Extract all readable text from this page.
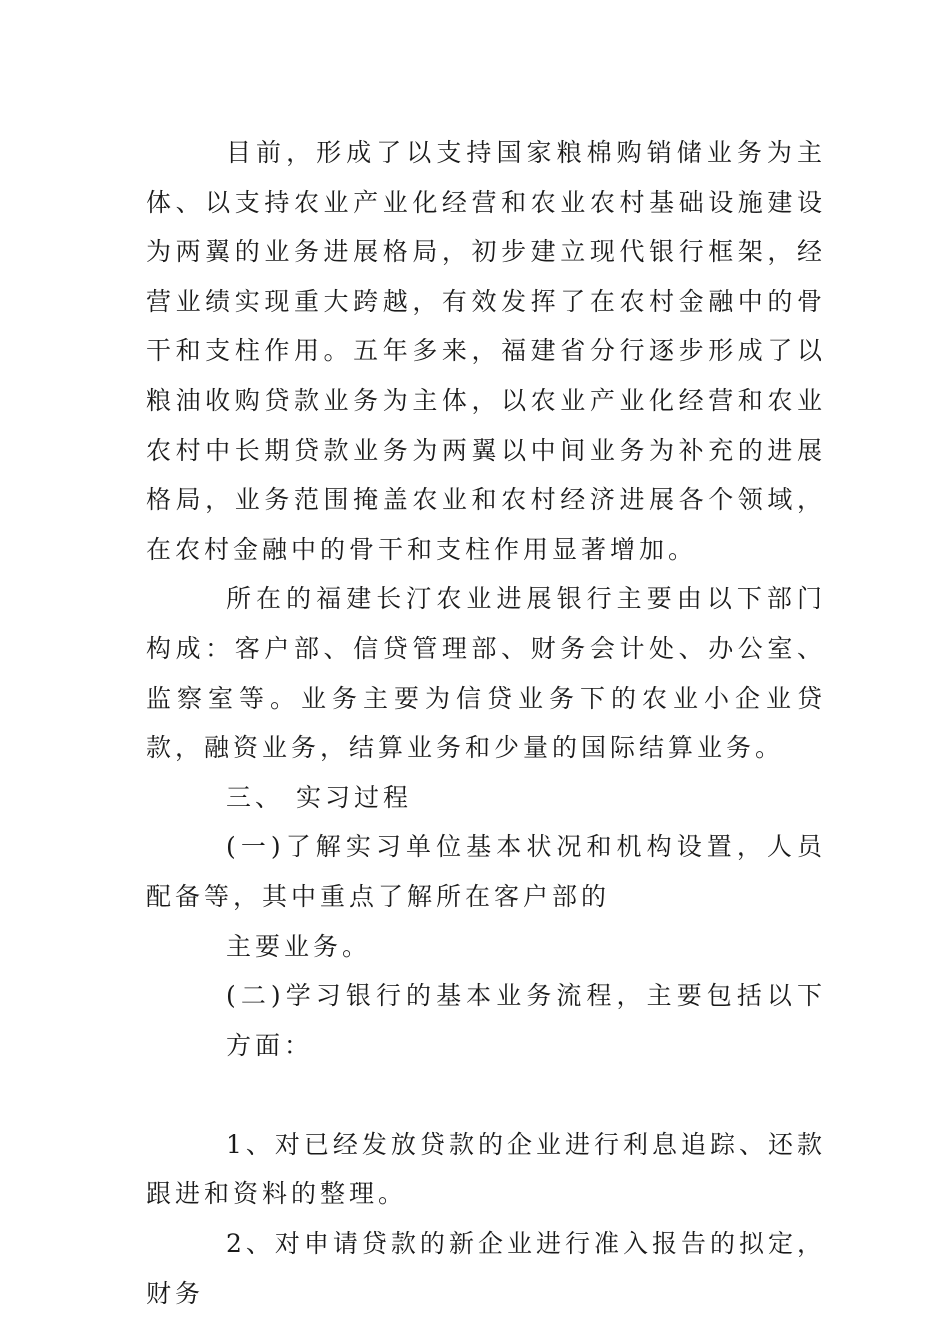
目前，形成了以支持国家粮棉购销储业务为主体、以支持农业产业化经营和农业农村基础设施建设为两翼的业务进展格局，初步建立现代银行框架，经营业绩实现重大跨越，有效发挥了在农村金融中的骨干和支柱作用。五年多来，福建省分行逐步形成了以粮油收购贷款业务为主体，以农业产业化经营和农业农村中长期贷款业务为两翼以中间业务为补充的进展格局，业务范围掩盖农业和农村经济进展各个领域，在农村金融中的骨干和支柱作用显著增加。

所在的福建长汀农业进展银行主要由以下部门构成：客户部、信贷管理部、财务会计处、办公室、监察室等。业务主要为信贷业务下的农业小企业贷款，融资业务，结算业务和少量的国际结算业务。

三、 实习过程

(一)了解实习单位基本状况和机构设置，人员配备等，其中重点了解所在客户部的

主要业务。

(二)学习银行的基本业务流程，主要包括以下方面：

1、对已经发放贷款的企业进行利息追踪、还款跟进和资料的整理。

2、对申请贷款的新企业进行准入报告的拟定，财务
